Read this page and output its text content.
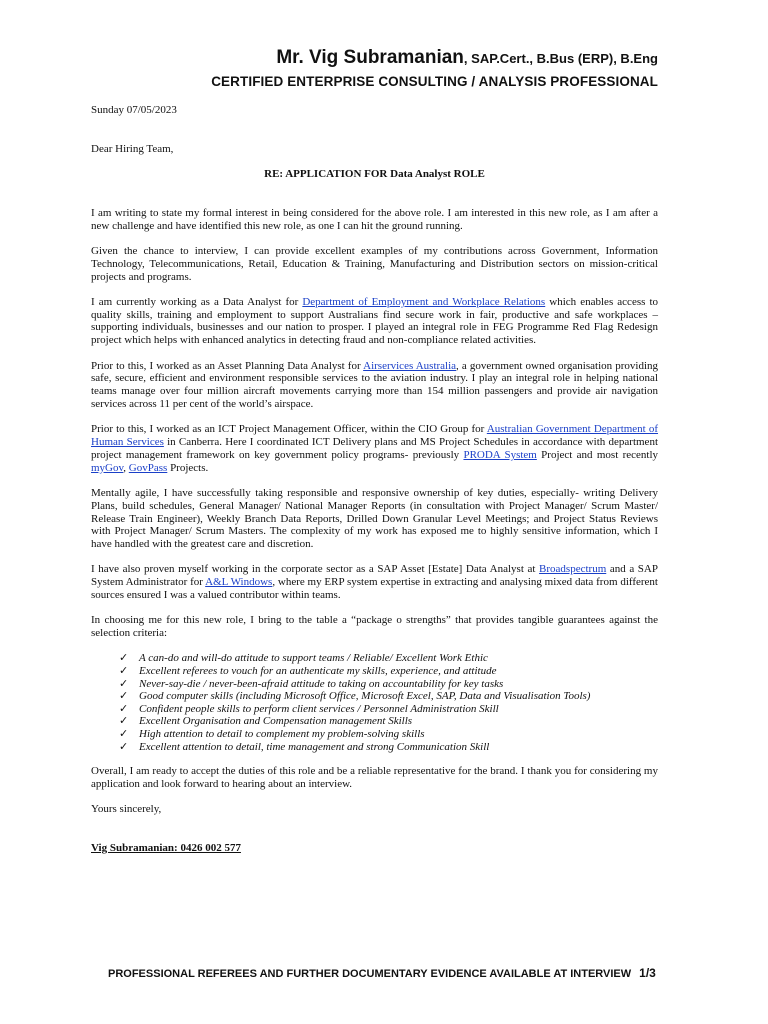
Mr. Vig Subramanian, SAP.Cert., B.Bus (ERP), B.Eng
CERTIFIED ENTERPRISE CONSULTING / ANALYSIS PROFESSIONAL

Sunday 07/05/2023

Dear Hiring Team,

RE: APPLICATION FOR Data Analyst ROLE

I am writing to state my formal interest in being considered for the above role. I am interested in this new role, as I am after a new challenge and have identified this new role, as one I can hit the ground running.

Given the chance to interview, I can provide excellent examples of my contributions across Government, Information Technology, Telecommunications, Retail, Education & Training, Manufacturing and Distribution sectors on mission-critical projects and programs.

I am currently working as a Data Analyst for Department of Employment and Workplace Relations which enables access to quality skills, training and employment to support Australians find secure work in fair, productive and safe workplaces – supporting individuals, businesses and our nation to prosper. I played an integral role in FEG Programme Red Flag Redesign project which helps with enhanced analytics in detecting fraud and non-compliance related activities.

Prior to this, I worked as an Asset Planning Data Analyst for Airservices Australia, a government owned organisation providing safe, secure, efficient and environment responsible services to the aviation industry. I play an integral role in helping national teams manage over four million aircraft movements carrying more than 154 million passengers and provide air navigation services across 11 per cent of the world’s airspace.

Prior to this, I worked as an ICT Project Management Officer, within the CIO Group for Australian Government Department of Human Services in Canberra. Here I coordinated ICT Delivery plans and MS Project Schedules in accordance with department project management framework on key government policy programs- previously PRODA System Project and most recently myGov, GovPass Projects.

Mentally agile, I have successfully taking responsible and responsive ownership of key duties, especially- writing Delivery Plans, build schedules, General Manager/ National Manager Reports (in consultation with Project Manager/ Scrum Master/ Release Train Engineer), Weekly Branch Data Reports, Drilled Down Granular Level Meetings; and Project Status Reviews with Project Manager/ Scrum Masters. The complexity of my work has exposed me to highly sensitive information, which I have handled with the greatest care and discretion.

I have also proven myself working in the corporate sector as a SAP Asset [Estate] Data Analyst at Broadspectrum and a SAP System Administrator for A&L Windows, where my ERP system expertise in extracting and analysing mixed data from different sources ensured I was a valued contributor within teams.

In choosing me for this new role, I bring to the table a “package o strengths” that provides tangible guarantees against the selection criteria:

✓ A can-do and will-do attitude to support teams / Reliable/ Excellent Work Ethic
✓ Excellent referees to vouch for an authenticate my skills, experience, and attitude
✓ Never-say-die / never-been-afraid attitude to taking on accountability for key tasks
✓ Good computer skills (including Microsoft Office, Microsoft Excel, SAP, Data and Visualisation Tools)
✓ Confident people skills to perform client services / Personnel Administration Skill
✓ Excellent Organisation and Compensation management Skills
✓ High attention to detail to complement my problem-solving skills
✓ Excellent attention to detail, time management and strong Communication Skill

Overall, I am ready to accept the duties of this role and be a reliable representative for the brand. I thank you for considering my application and look forward to hearing about an interview.

Yours sincerely,

Vig Subramanian: 0426 002 577

PROFESSIONAL REFEREES AND FURTHER DOCUMENTARY EVIDENCE AVAILABLE AT INTERVIEW 1/3
